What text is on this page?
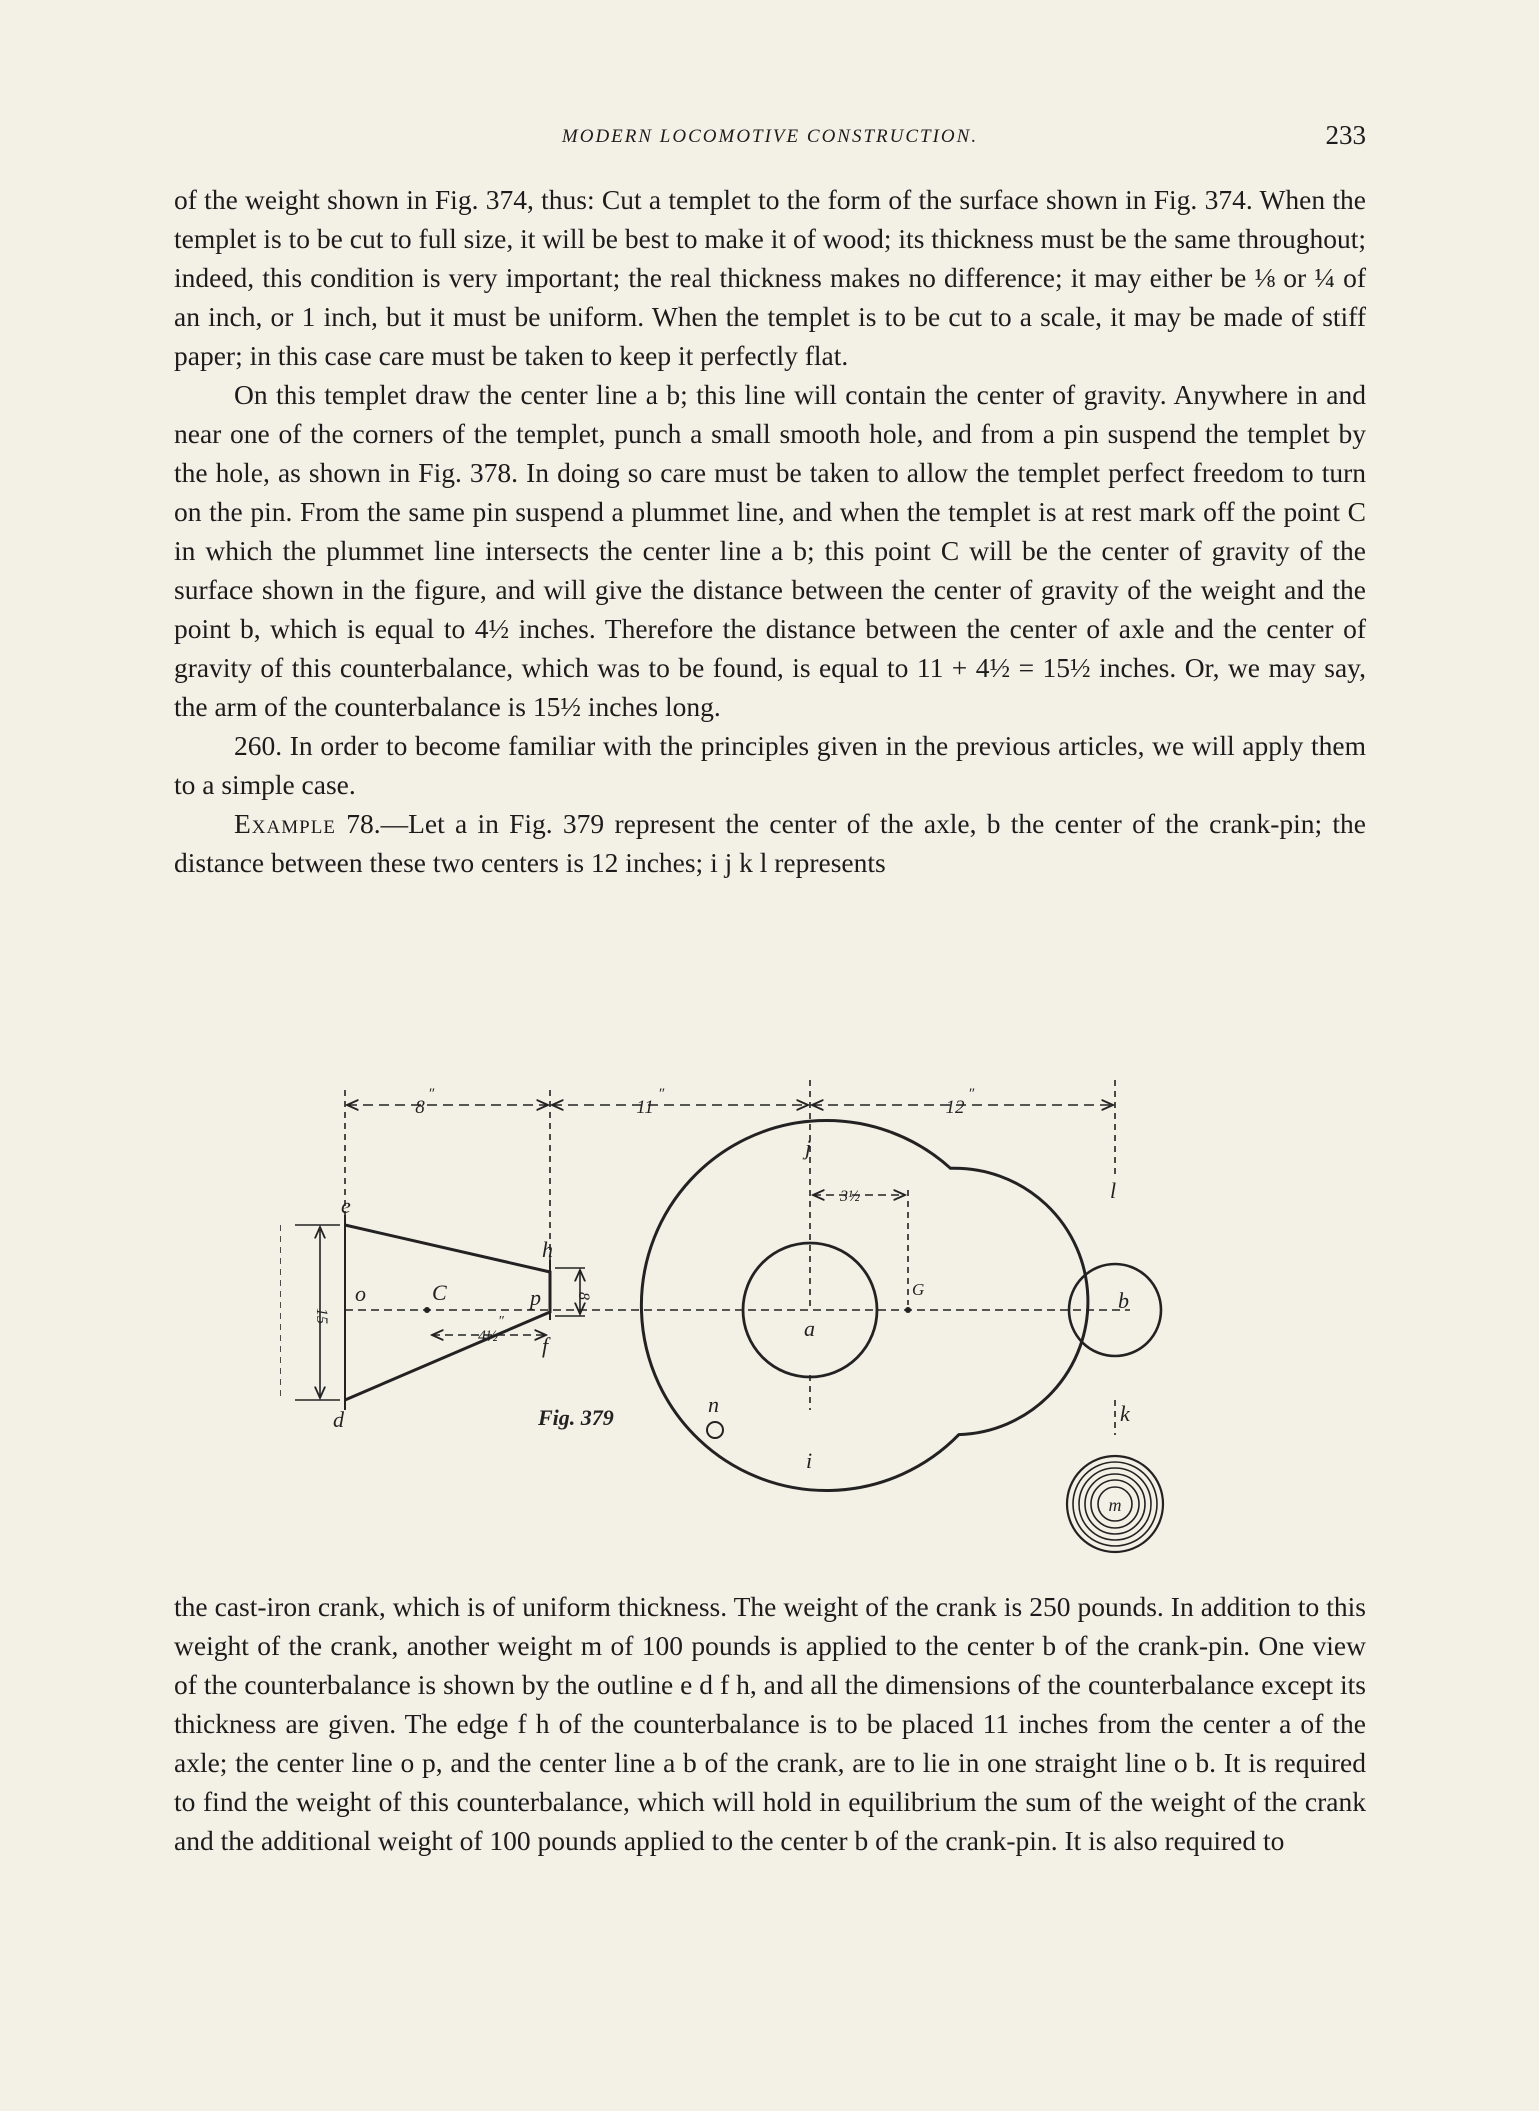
MODERN LOCOMOTIVE CONSTRUCTION.	233

of the weight shown in Fig. 374, thus: Cut a templet to the form of the surface shown in Fig. 374. When the templet is to be cut to full size, it will be best to make it of wood; its thickness must be the same throughout; indeed, this condition is very important; the real thickness makes no difference; it may either be ⅛ or ¼ of an inch, or 1 inch, but it must be uniform. When the templet is to be cut to a scale, it may be made of stiff paper; in this case care must be taken to keep it perfectly flat.

On this templet draw the center line a b; this line will contain the center of gravity. Anywhere in and near one of the corners of the templet, punch a small smooth hole, and from a pin suspend the templet by the hole, as shown in Fig. 378. In doing so care must be taken to allow the templet perfect freedom to turn on the pin. From the same pin suspend a plummet line, and when the templet is at rest mark off the point C in which the plummet line intersects the center line a b; this point C will be the center of gravity of the surface shown in the figure, and will give the distance between the center of gravity of the weight and the point b, which is equal to 4½ inches. Therefore the distance between the center of axle and the center of gravity of this counterbalance, which was to be found, is equal to 11 + 4½ = 15½ inches. Or, we may say, the arm of the counterbalance is 15½ inches long.

260. In order to become familiar with the principles given in the previous articles, we will apply them to a simple case.

Example 78.—Let a in Fig. 379 represent the center of the axle, b the center of the crank-pin; the distance between these two centers is 12 inches; i j k l represents

8
″
11
″
12
″
3½
4½
″
15
8
e
d
f
h
o	p
C	G
a
b
i
j
k
l
m
n
Fig. 379

the cast-iron crank, which is of uniform thickness. The weight of the crank is 250 pounds. In addition to this weight of the crank, another weight m of 100 pounds is applied to the center b of the crank-pin. One view of the counterbalance is shown by the outline e d f h, and all the dimensions of the counterbalance except its thickness are given. The edge f h of the counterbalance is to be placed 11 inches from the center a of the axle; the center line o p, and the center line a b of the crank, are to lie in one straight line o b. It is required to find the weight of this counterbalance, which will hold in equilibrium the sum of the weight of the crank and the additional weight of 100 pounds applied to the center b of the crank-pin. It is also required to
